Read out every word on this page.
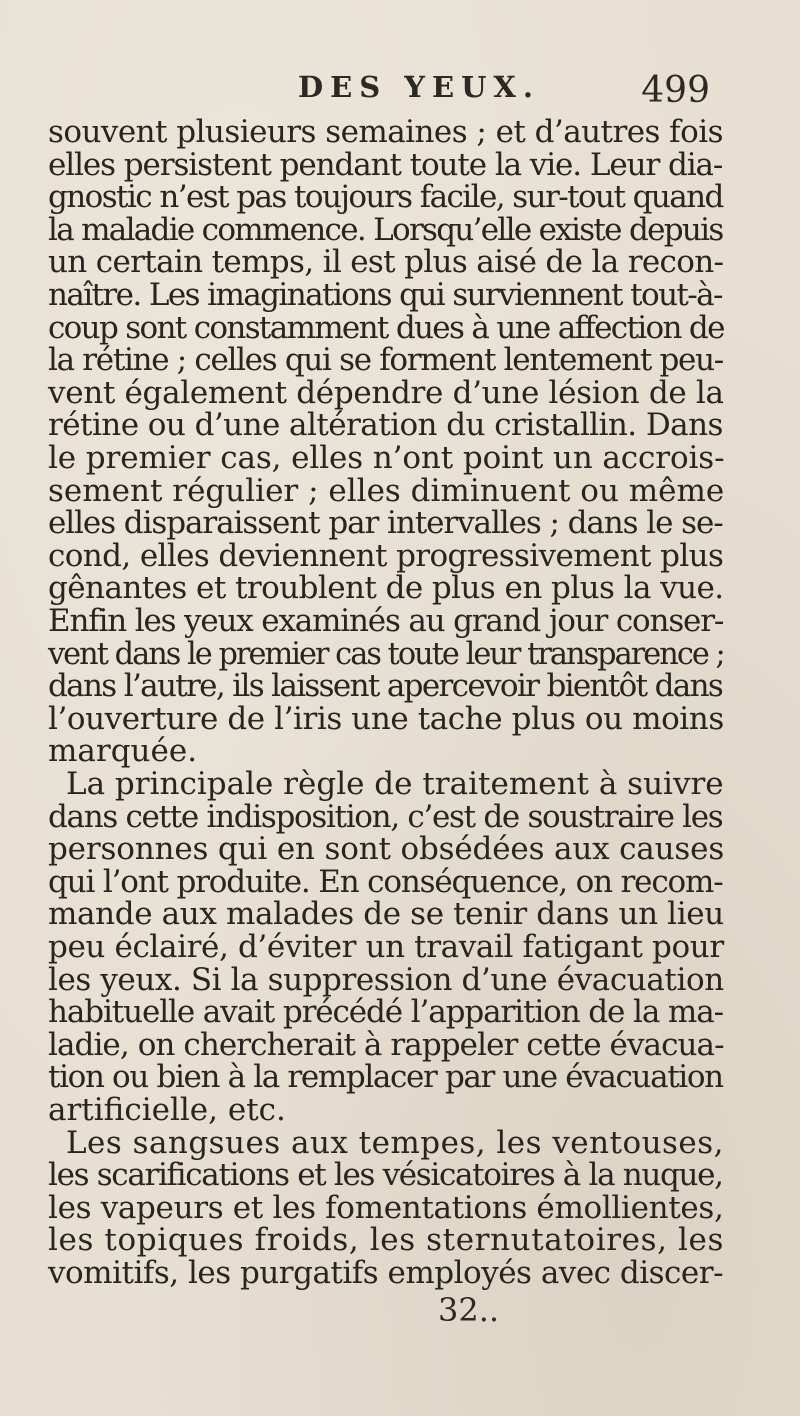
DES YEUX.	499
souvent plusieurs semaines ; et d’autres fois
elles persistent pendant toute la vie. Leur dia-
gnostic n’est pas toujours facile, sur-tout quand
la maladie commence. Lorsqu’elle existe depuis
un certain temps, il est plus aisé de la recon-
naître. Les imaginations qui surviennent tout-à-
coup sont constamment dues à une affection de
la rétine ; celles qui se forment lentement peu-
vent également dépendre d’une lésion de la
rétine ou d’une altération du cristallin. Dans
le premier cas, elles n’ont point un accrois-
sement régulier ; elles diminuent ou même
elles disparaissent par intervalles ; dans le se-
cond, elles deviennent progressivement plus
gênantes et troublent de plus en plus la vue.
Enfin les yeux examinés au grand jour conser-
vent dans le premier cas toute leur transparence ;
dans l’autre, ils laissent apercevoir bientôt dans
l’ouverture de l’iris une tache plus ou moins
marquée.
La principale règle de traitement à suivre
dans cette indisposition, c’est de soustraire les
personnes qui en sont obsédées aux causes
qui l’ont produite. En conséquence, on recom-
mande aux malades de se tenir dans un lieu
peu éclairé, d’éviter un travail fatigant pour
les yeux. Si la suppression d’une évacuation
habituelle avait précédé l’apparition de la ma-
ladie, on chercherait à rappeler cette évacua-
tion ou bien à la remplacer par une évacuation
artificielle, etc.
Les sangsues aux tempes, les ventouses,
les scarifications et les vésicatoires à la nuque,
les vapeurs et les fomentations émollientes,
les topiques froids, les sternutatoires, les
vomitifs, les purgatifs employés avec discer-
32..
